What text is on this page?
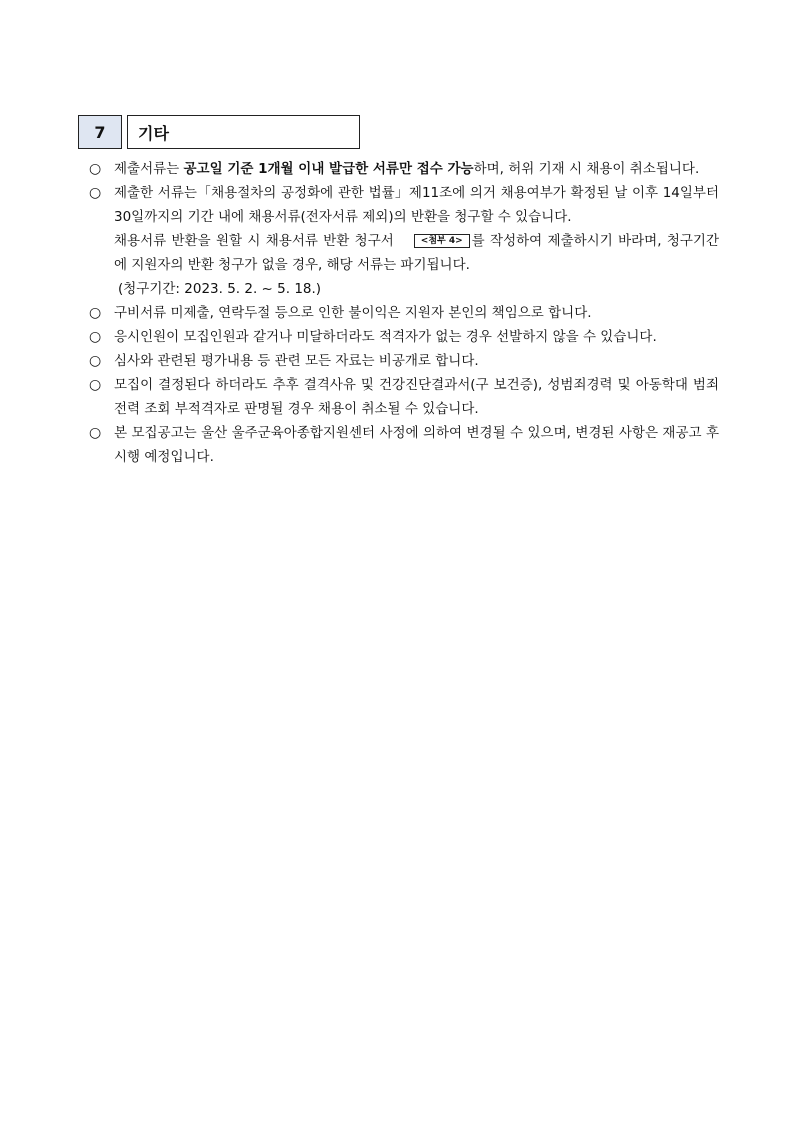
7	기타
○ 제출서류는 공고일 기준 1개월 이내 발급한 서류만 접수 가능하며, 허위 기재 시 채용이 취소됩니다.
○ 제출한 서류는「채용절차의 공정화에 관한 법률」제11조에 의거 채용여부가 확정된 날 이후 14일부터 30일까지의 기간 내에 채용서류(전자서류 제외)의 반환을 청구할 수 있습니다.
채용서류 반환을 원할 시 채용서류 반환 청구서	<첨부 4> 를 작성하여 제출하시기 바라며, 청구기간에 지원자의 반환 청구가 없을 경우, 해당 서류는 파기됩니다.
(청구기간: 2023. 5. 2. ~ 5. 18.)
○ 구비서류 미제출, 연락두절 등으로 인한 불이익은 지원자 본인의 책임으로 합니다.
○ 응시인원이 모집인원과 같거나 미달하더라도 적격자가 없는 경우 선발하지 않을 수 있습니다.
○ 심사와 관련된 평가내용 등 관련 모든 자료는 비공개로 합니다.
○ 모집이 결정된다 하더라도 추후 결격사유 및 건강진단결과서(구 보건증), 성범죄경력 및 아동학대 범죄전력 조회 부적격자로 판명될 경우 채용이 취소될 수 있습니다.
○ 본 모집공고는 울산 울주군육아종합지원센터 사정에 의하여 변경될 수 있으며, 변경된 사항은 재공고 후 시행 예정입니다.
